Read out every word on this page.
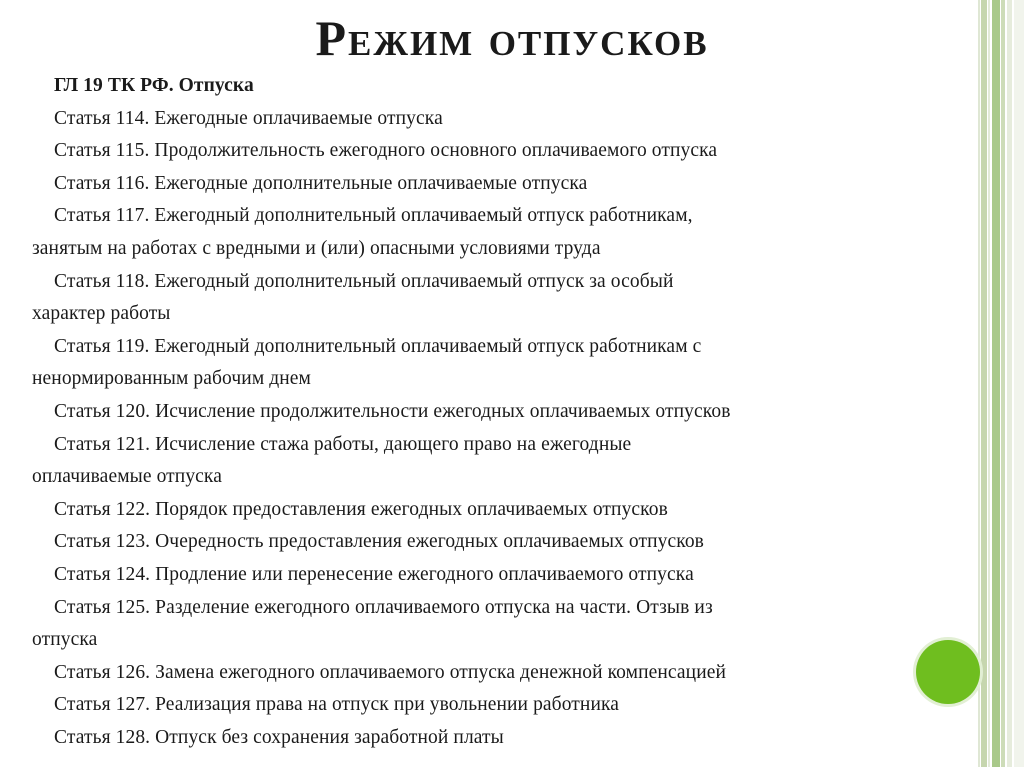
Режим отпусков

ГЛ 19 ТК РФ. Отпуска

Статья 114. Ежегодные оплачиваемые отпуска

Статья 115. Продолжительность ежегодного основного оплачиваемого отпуска

Статья 116. Ежегодные дополнительные оплачиваемые отпуска

Статья 117. Ежегодный дополнительный оплачиваемый отпуск работникам,

занятым на работах с вредными и (или) опасными условиями труда

Статья 118. Ежегодный дополнительный оплачиваемый отпуск за особый

характер работы

Статья 119. Ежегодный дополнительный оплачиваемый отпуск работникам с

ненормированным рабочим днем

Статья 120. Исчисление продолжительности ежегодных оплачиваемых отпусков

Статья 121. Исчисление стажа работы, дающего право на ежегодные

оплачиваемые отпуска

Статья 122. Порядок предоставления ежегодных оплачиваемых отпусков

Статья 123. Очередность предоставления ежегодных оплачиваемых отпусков

Статья 124. Продление или перенесение ежегодного оплачиваемого отпуска

Статья 125. Разделение ежегодного оплачиваемого отпуска на части. Отзыв из

отпуска

Статья 126. Замена ежегодного оплачиваемого отпуска денежной компенсацией

Статья 127. Реализация права на отпуск при увольнении работника

Статья 128. Отпуск без сохранения заработной платы
